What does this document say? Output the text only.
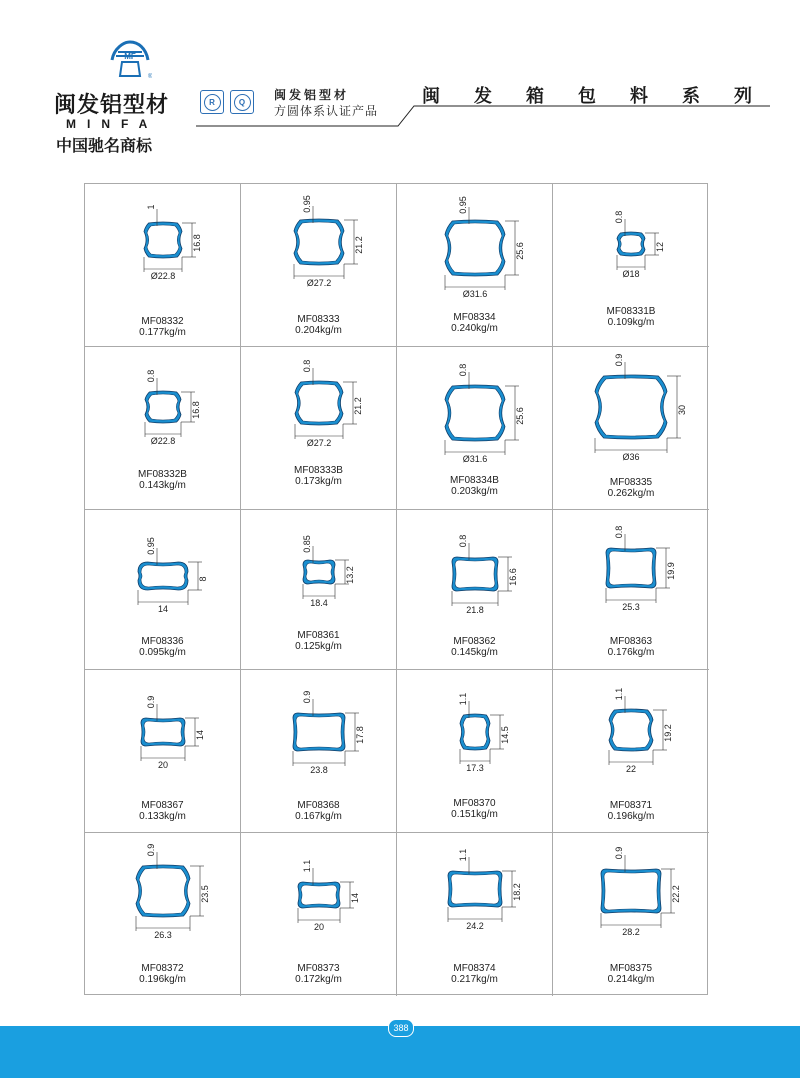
MF
®
闽发铝型材
MINFA
中国驰名商标
R	Q	闽发铝型材
方圆体系认证产品
闽 发 箱 包 料 系 列
Ø22.8
16.8
1
MF08332
0.177kg/m
Ø27.2
21.2
0.95
MF08333
0.204kg/m
Ø31.6
25.6
0.95
MF08334
0.240kg/m
Ø18
12
0.8
MF08331B
0.109kg/m
Ø22.8
16.8
0.8
MF08332B
0.143kg/m
Ø27.2
21.2
0.8
MF08333B
0.173kg/m
Ø31.6
25.6
0.8
MF08334B
0.203kg/m
Ø36
30
0.9
MF08335
0.262kg/m
14
8
0.95
MF08336
0.095kg/m
18.4
13.2
0.85
MF08361
0.125kg/m
21.8
16.6
0.8
MF08362
0.145kg/m
25.3
19.9
0.8
MF08363
0.176kg/m
20
14
0.9
MF08367
0.133kg/m
23.8
17.8
0.9
MF08368
0.167kg/m
17.3
14.5
1.1
MF08370
0.151kg/m
22
19.2
1.1
MF08371
0.196kg/m
26.3
23.5
0.9
MF08372
0.196kg/m
20
14
1.1
MF08373
0.172kg/m
24.2
18.2
1.1
MF08374
0.217kg/m
28.2
22.2
0.9
MF08375
0.214kg/m
388
